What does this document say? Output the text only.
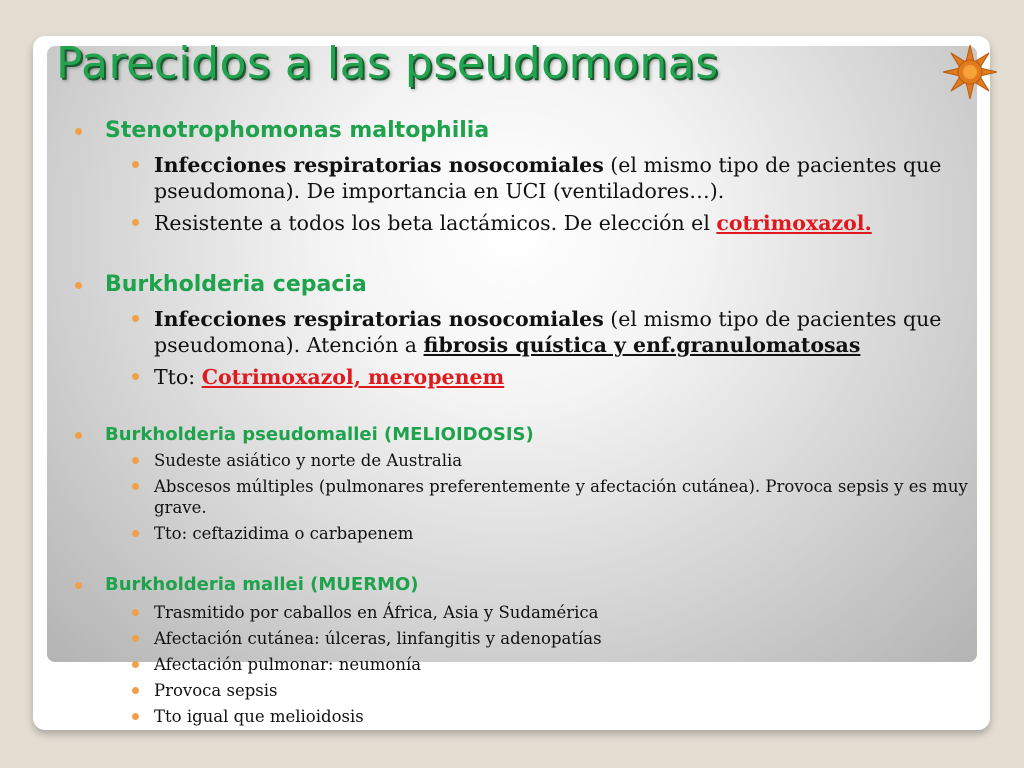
Parecidos a las pseudomonas
Stenotrophomonas maltophilia
Infecciones respiratorias nosocomiales (el mismo tipo de pacientes que pseudomona). De importancia en UCI (ventiladores…).
Resistente a todos los beta lactámicos. De elección el cotrimoxazol.
Burkholderia cepacia
Infecciones respiratorias nosocomiales (el mismo tipo de pacientes que pseudomona). Atención a fibrosis quística y enf.granulomatosas
Tto: Cotrimoxazol, meropenem
Burkholderia pseudomallei (MELIOIDOSIS)
Sudeste asiático y norte de Australia
Abscesos múltiples (pulmonares preferentemente y afectación cutánea). Provoca sepsis y es muy grave.
Tto: ceftazidima o carbapenem
Burkholderia mallei (MUERMO)
Trasmitido por caballos en África, Asia y Sudamérica
Afectación cutánea: úlceras, linfangitis y adenopatías
Afectación pulmonar: neumonía
Provoca sepsis
Tto igual que melioidosis
